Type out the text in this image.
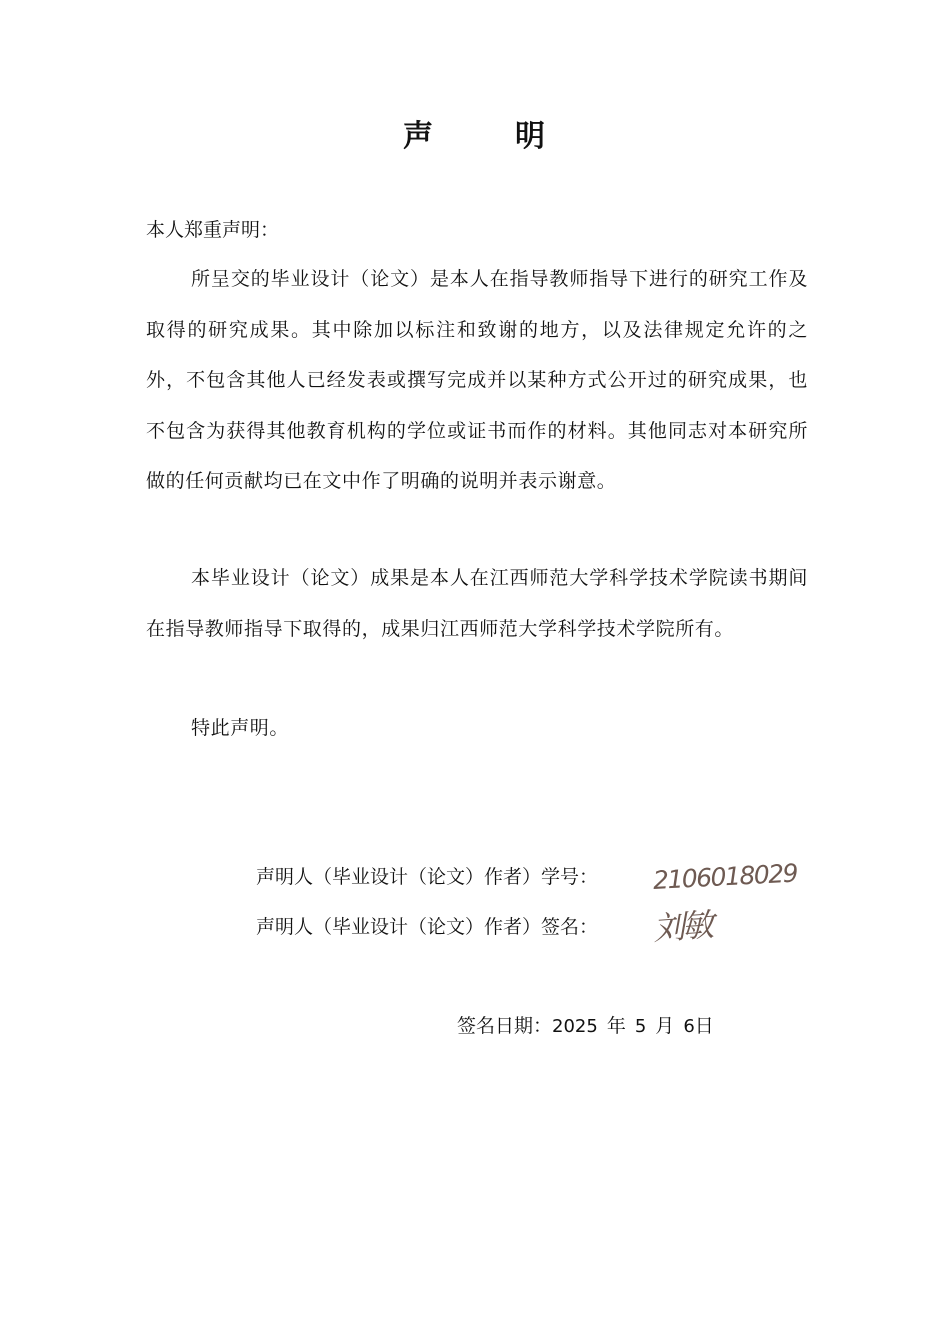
声	明
本人郑重声明：
所呈交的毕业设计（论文）是本人在指导教师指导下进行的研究工作及取得的研究成果。其中除加以标注和致谢的地方，以及法律规定允许的之外，不包含其他人已经发表或撰写完成并以某种方式公开过的研究成果，也不包含为获得其他教育机构的学位或证书而作的材料。其他同志对本研究所做的任何贡献均已在文中作了明确的说明并表示谢意。
本毕业设计（论文）成果是本人在江西师范大学科学技术学院读书期间在指导教师指导下取得的，成果归江西师范大学科学技术学院所有。
特此声明。
声明人（毕业设计（论文）作者）学号： 2106018029
声明人（毕业设计（论文）作者）签名： 刘敏
签名日期：2025 年 5 月 6日
